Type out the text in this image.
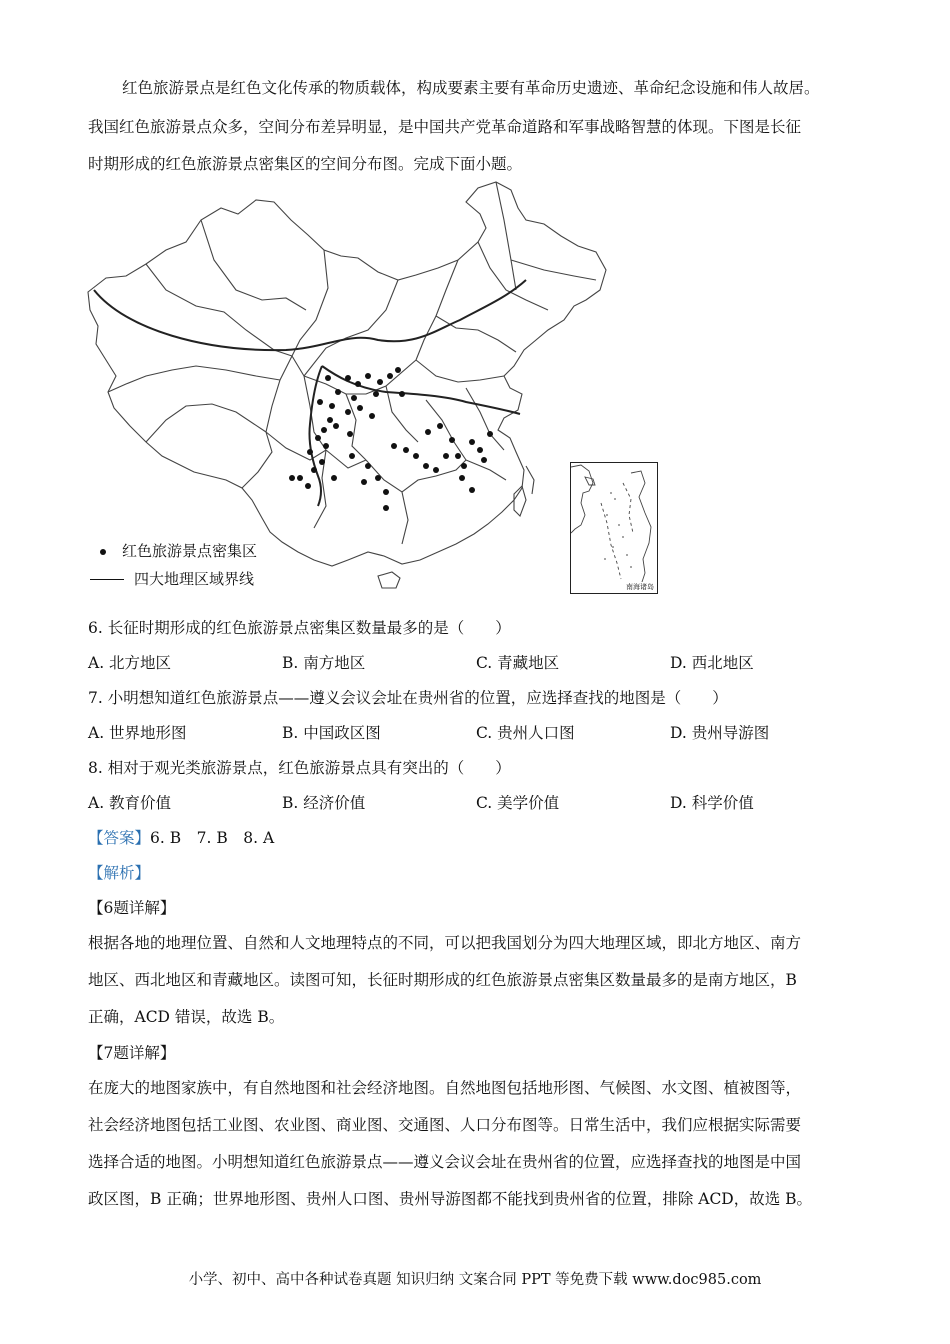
红色旅游景点是红色文化传承的物质载体，构成要素主要有革命历史遗迹、革命纪念设施和伟人故居。
我国红色旅游景点众多，空间分布差异明显，是中国共产党革命道路和军事战略智慧的体现。下图是长征
时期形成的红色旅游景点密集区的空间分布图。完成下面小题。
南海诸岛
红色旅游景点密集区
四大地理区域界线
6. 长征时期形成的红色旅游景点密集区数量最多的是（　　）
A. 北方地区	B. 南方地区	C. 青藏地区	D. 西北地区
7. 小明想知道红色旅游景点——遵义会议会址在贵州省的位置，应选择查找的地图是（　　）
A. 世界地形图	B. 中国政区图	C. 贵州人口图	D. 贵州导游图
8. 相对于观光类旅游景点，红色旅游景点具有突出的（　　）
A. 教育价值	B. 经济价值	C. 美学价值	D. 科学价值
【答案】6. B　7. B　8. A
【解析】
【6题详解】
根据各地的地理位置、自然和人文地理特点的不同，可以把我国划分为四大地理区域，即北方地区、南方
地区、西北地区和青藏地区。读图可知，长征时期形成的红色旅游景点密集区数量最多的是南方地区，B
正确，ACD 错误，故选 B。
【7题详解】
在庞大的地图家族中，有自然地图和社会经济地图。自然地图包括地形图、气候图、水文图、植被图等，
社会经济地图包括工业图、农业图、商业图、交通图、人口分布图等。日常生活中，我们应根据实际需要
选择合适的地图。小明想知道红色旅游景点——遵义会议会址在贵州省的位置，应选择查找的地图是中国
政区图，B 正确；世界地形图、贵州人口图、贵州导游图都不能找到贵州省的位置，排除 ACD，故选 B。
小学、初中、高中各种试卷真题 知识归纳 文案合同 PPT 等免费下载 www.doc985.com
